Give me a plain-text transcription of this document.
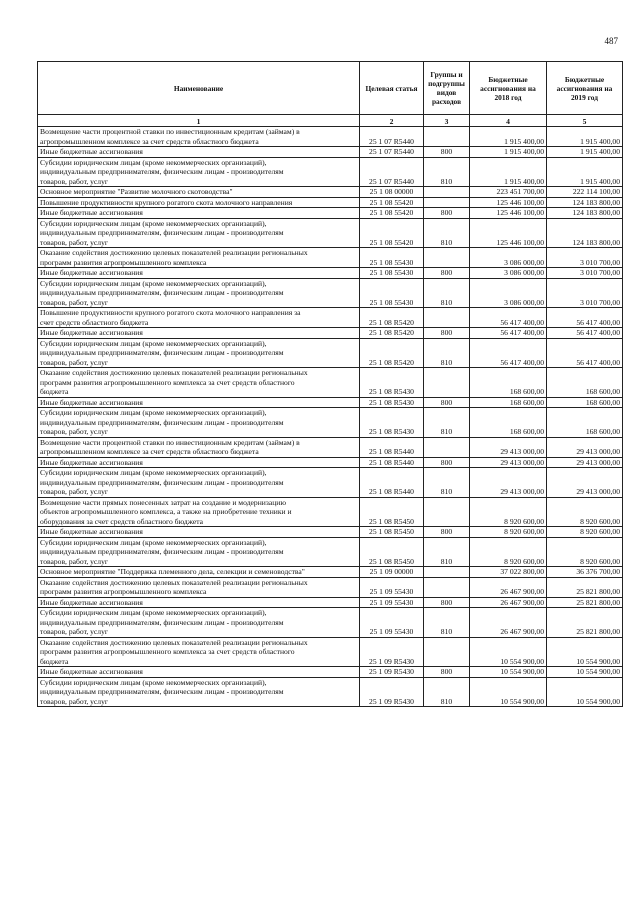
487
Наименование	Целевая статья	Группы и подгруппы видов расходов	Бюджетные ассигнования на 2018 год	Бюджетные ассигнования на 2019 год
1	2	3	4	5

Возмещение части процентной ставки по инвестиционным кредитам (займам) в
агропромышленном комплексе за счет средств областного бюджета	25 1 07 R5440		1 915 400,00	1 915 400,00

Иные бюджетные ассигнования	25 1 07 R5440	800	1 915 400,00	1 915 400,00

Субсидии юридическим лицам (кроме некоммерческих организаций),
индивидуальным предпринимателям, физическим лицам - производителям
товаров, работ, услуг	25 1 07 R5440	810	1 915 400,00	1 915 400,00

Основное мероприятие "Развитие молочного скотоводства"	25 1 08 00000		223 451 700,00	222 114 100,00

Повышение продуктивности крупного рогатого скота молочного направления	25 1 08 55420		125 446 100,00	124 183 800,00

Иные бюджетные ассигнования	25 1 08 55420	800	125 446 100,00	124 183 800,00

Субсидии юридическим лицам (кроме некоммерческих организаций),
индивидуальным предпринимателям, физическим лицам - производителям
товаров, работ, услуг	25 1 08 55420	810	125 446 100,00	124 183 800,00

Оказание содействия достижению целевых показателей реализации региональных
программ развития агропромышленного комплекса	25 1 08 55430		3 086 000,00	3 010 700,00

Иные бюджетные ассигнования	25 1 08 55430	800	3 086 000,00	3 010 700,00

Субсидии юридическим лицам (кроме некоммерческих организаций),
индивидуальным предпринимателям, физическим лицам - производителям
товаров, работ, услуг	25 1 08 55430	810	3 086 000,00	3 010 700,00

Повышение продуктивности крупного рогатого скота молочного направления за
счет средств областного бюджета	25 1 08 R5420		56 417 400,00	56 417 400,00

Иные бюджетные ассигнования	25 1 08 R5420	800	56 417 400,00	56 417 400,00

Субсидии юридическим лицам (кроме некоммерческих организаций),
индивидуальным предпринимателям, физическим лицам - производителям
товаров, работ, услуг	25 1 08 R5420	810	56 417 400,00	56 417 400,00

Оказание содействия достижению целевых показателей реализации региональных
программ развития агропромышленного комплекса за счет средств областного
бюджета	25 1 08 R5430		168 600,00	168 600,00

Иные бюджетные ассигнования	25 1 08 R5430	800	168 600,00	168 600,00

Субсидии юридическим лицам (кроме некоммерческих организаций),
индивидуальным предпринимателям, физическим лицам - производителям
товаров, работ, услуг	25 1 08 R5430	810	168 600,00	168 600,00

Возмещение части процентной ставки по инвестиционным кредитам (займам) в
агропромышленном комплексе за счет средств областного бюджета	25 1 08 R5440		29 413 000,00	29 413 000,00

Иные бюджетные ассигнования	25 1 08 R5440	800	29 413 000,00	29 413 000,00

Субсидии юридическим лицам (кроме некоммерческих организаций),
индивидуальным предпринимателям, физическим лицам - производителям
товаров, работ, услуг	25 1 08 R5440	810	29 413 000,00	29 413 000,00

Возмещение части прямых понесенных затрат на создание и модернизацию
объектов агропромышленного комплекса, а также на приобретение техники и
оборудования за счет средств областного бюджета	25 1 08 R5450		8 920 600,00	8 920 600,00

Иные бюджетные ассигнования	25 1 08 R5450	800	8 920 600,00	8 920 600,00

Субсидии юридическим лицам (кроме некоммерческих организаций),
индивидуальным предпринимателям, физическим лицам - производителям
товаров, работ, услуг	25 1 08 R5450	810	8 920 600,00	8 920 600,00

Основное мероприятие "Поддержка племенного дела, селекции и семеноводства"	25 1 09 00000		37 022 800,00	36 376 700,00

Оказание содействия достижению целевых показателей реализации региональных
программ развития агропромышленного комплекса	25 1 09 55430		26 467 900,00	25 821 800,00

Иные бюджетные ассигнования	25 1 09 55430	800	26 467 900,00	25 821 800,00

Субсидии юридическим лицам (кроме некоммерческих организаций),
индивидуальным предпринимателям, физическим лицам - производителям
товаров, работ, услуг	25 1 09 55430	810	26 467 900,00	25 821 800,00

Оказание содействия достижению целевых показателей реализации региональных
программ развития агропромышленного комплекса за счет средств областного
бюджета	25 1 09 R5430		10 554 900,00	10 554 900,00

Иные бюджетные ассигнования	25 1 09 R5430	800	10 554 900,00	10 554 900,00

Субсидии юридическим лицам (кроме некоммерческих организаций),
индивидуальным предпринимателям, физическим лицам - производителям
товаров, работ, услуг	25 1 09 R5430	810	10 554 900,00	10 554 900,00
